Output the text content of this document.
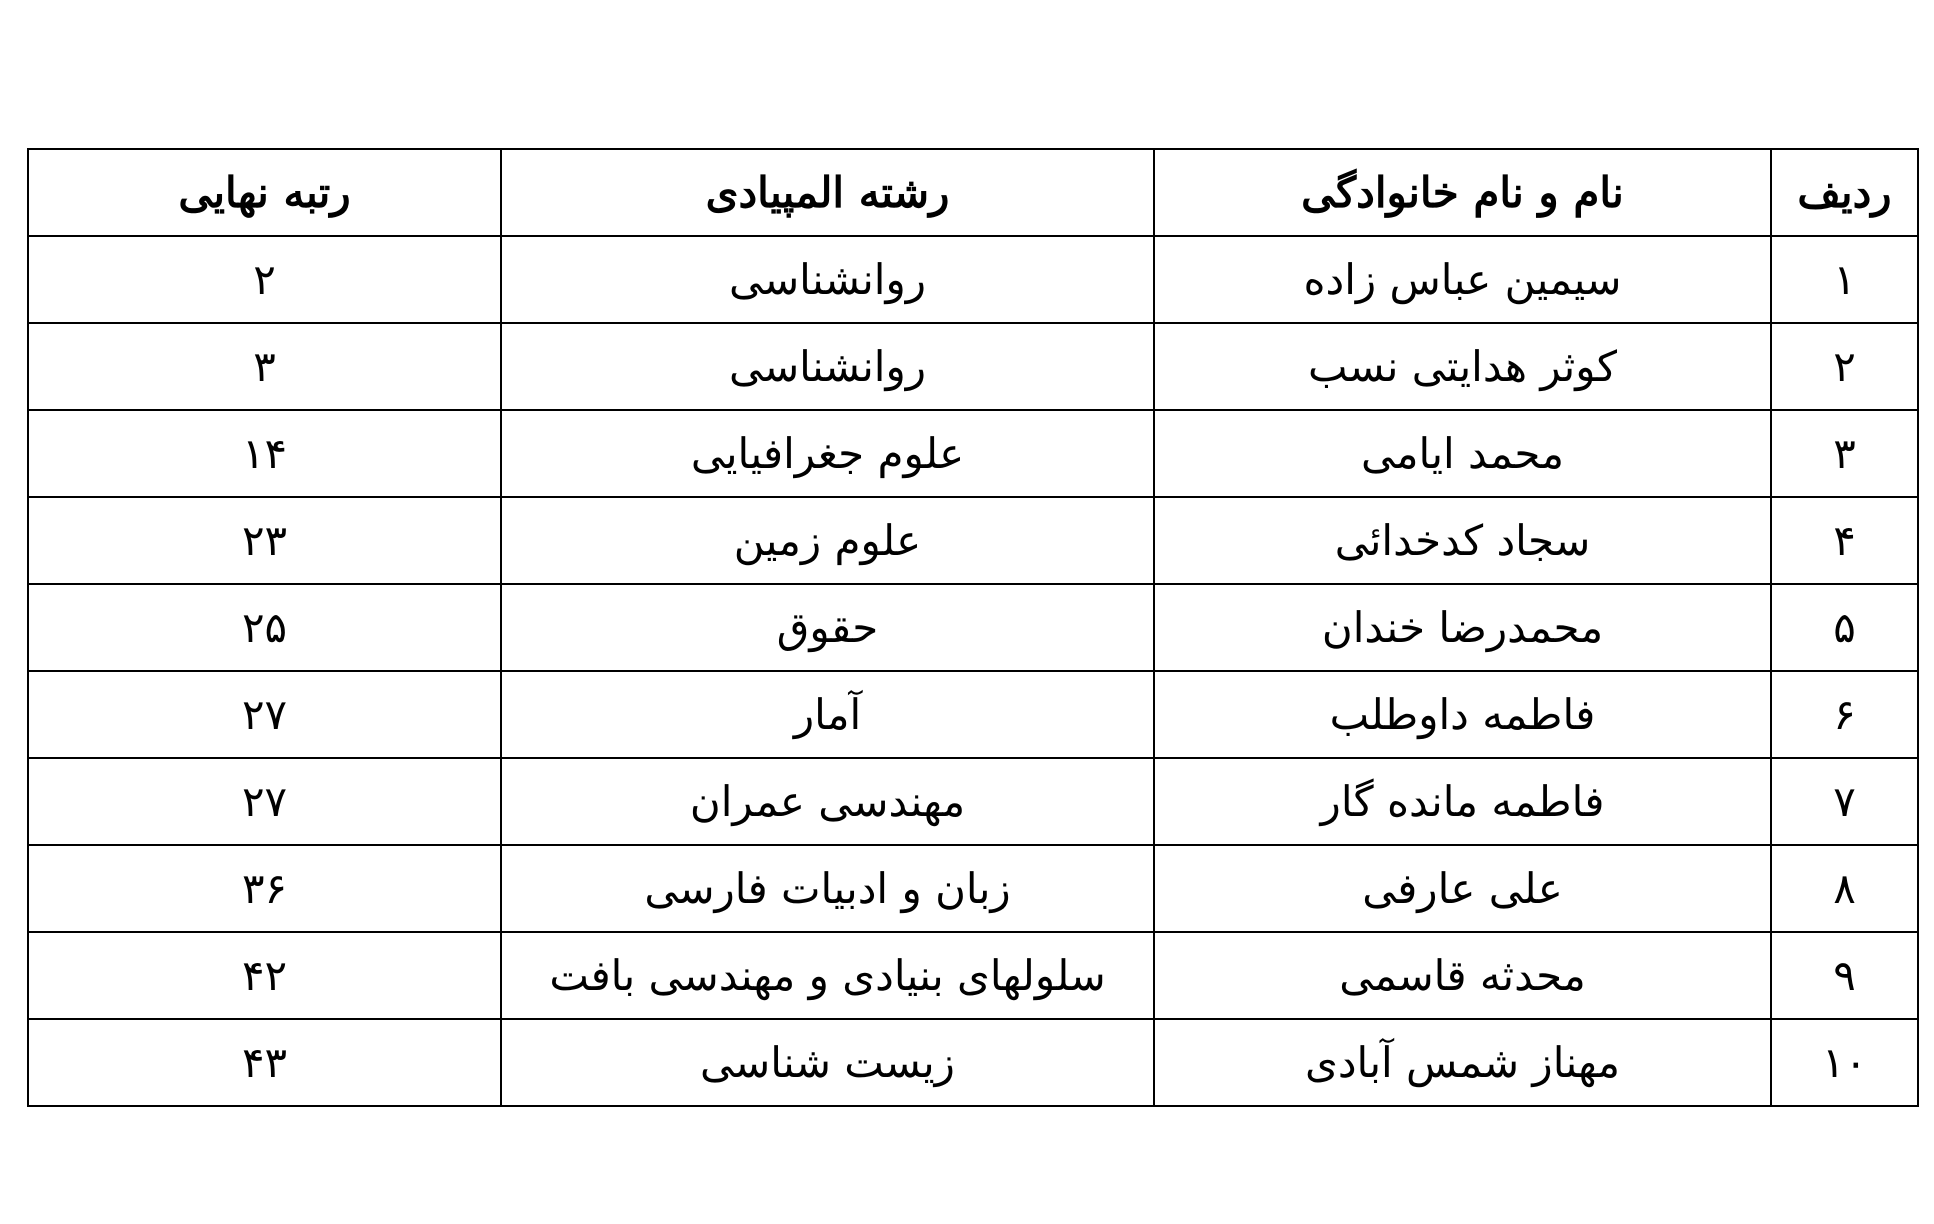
ردیف	نام و نام خانوادگی	رشته المپیادی	رتبه نهایی
۱	سیمین عباس زاده	روانشناسی	۲
۲	کوثر هدایتی نسب	روانشناسی	۳
۳	محمد ایامی	علوم جغرافیایی	۱۴
۴	سجاد کدخدائی	علوم زمین	۲۳
۵	محمدرضا خندان	حقوق	۲۵
۶	فاطمه داوطلب	آمار	۲۷
۷	فاطمه مانده گار	مهندسی عمران	۲۷
۸	علی عارفی	زبان و ادبیات فارسی	۳۶
۹	محدثه قاسمی	سلولهای بنیادی و مهندسی بافت	۴۲
۱۰	مهناز شمس آبادی	زیست شناسی	۴۳
